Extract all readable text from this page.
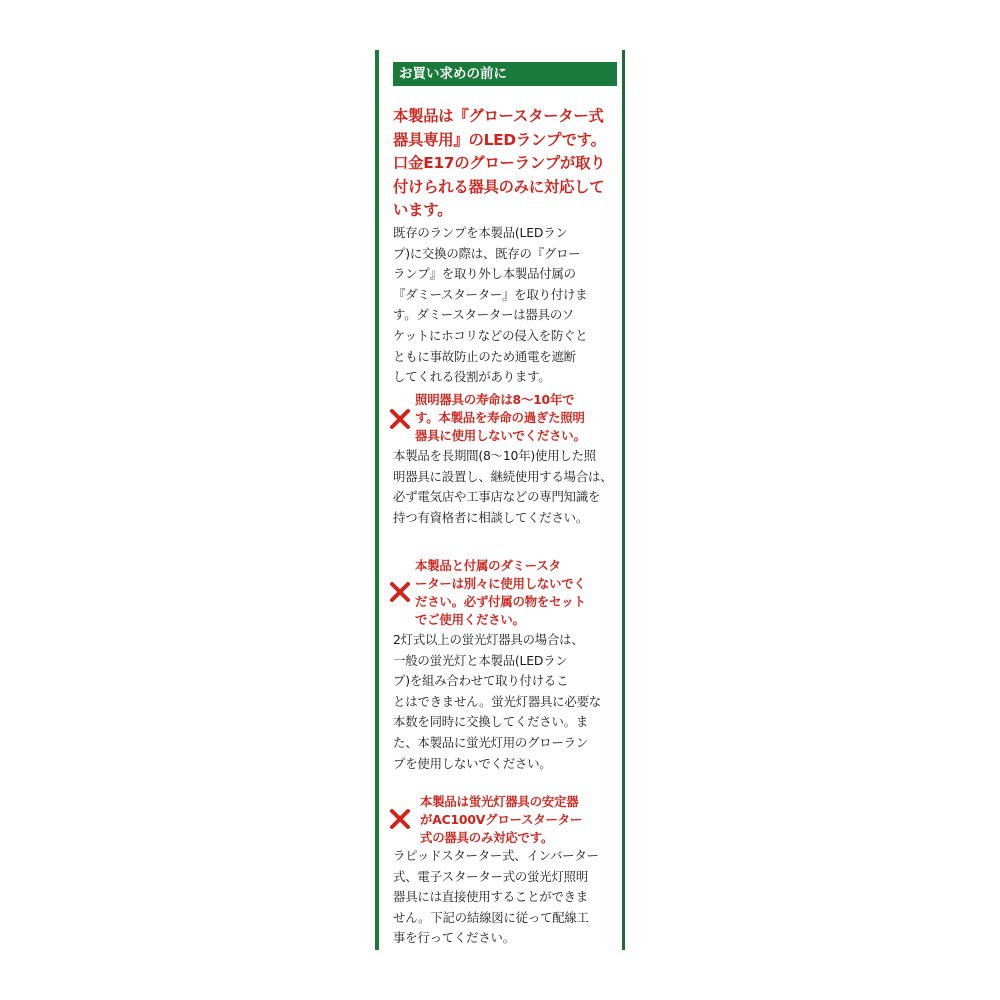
お買い求めの前に
本製品は『グロースターター式
器具専用』のLEDランプです。
口金E17のグローランプが取り
付けられる器具のみに対応して
います。
既存のランプを本製品(LEDラン
プ)に交換の際は、既存の『グロー
ランプ』を取り外し本製品付属の
『ダミースターター』を取り付けま
す。ダミースターターは器具のソ
ケットにホコリなどの侵入を防ぐと
ともに事故防止のため通電を遮断
してくれる役割があります。
照明器具の寿命は8〜10年で
す。本製品を寿命の過ぎた照明
器具に使用しないでください。
本製品を長期間(8〜10年)使用した照
明器具に設置し、継続使用する場合は、
必ず電気店や工事店などの専門知識を
持つ有資格者に相談してください。
本製品と付属のダミースタ
ーターは別々に使用しないでく
ださい。必ず付属の物をセット
でご使用ください。
2灯式以上の蛍光灯器具の場合は、
一般の蛍光灯と本製品(LEDラン
プ)を組み合わせて取り付けるこ
とはできません。蛍光灯器具に必要な
本数を同時に交換してください。ま
た、本製品に蛍光灯用のグローラン
プを使用しないでください。
本製品は蛍光灯器具の安定器
がAC100Vグロースターター
式の器具のみ対応です。
ラピッドスターター式、インバーター
式、電子スターター式の蛍光灯照明
器具には直接使用することができま
せん。下記の結線図に従って配線工
事を行ってください。
